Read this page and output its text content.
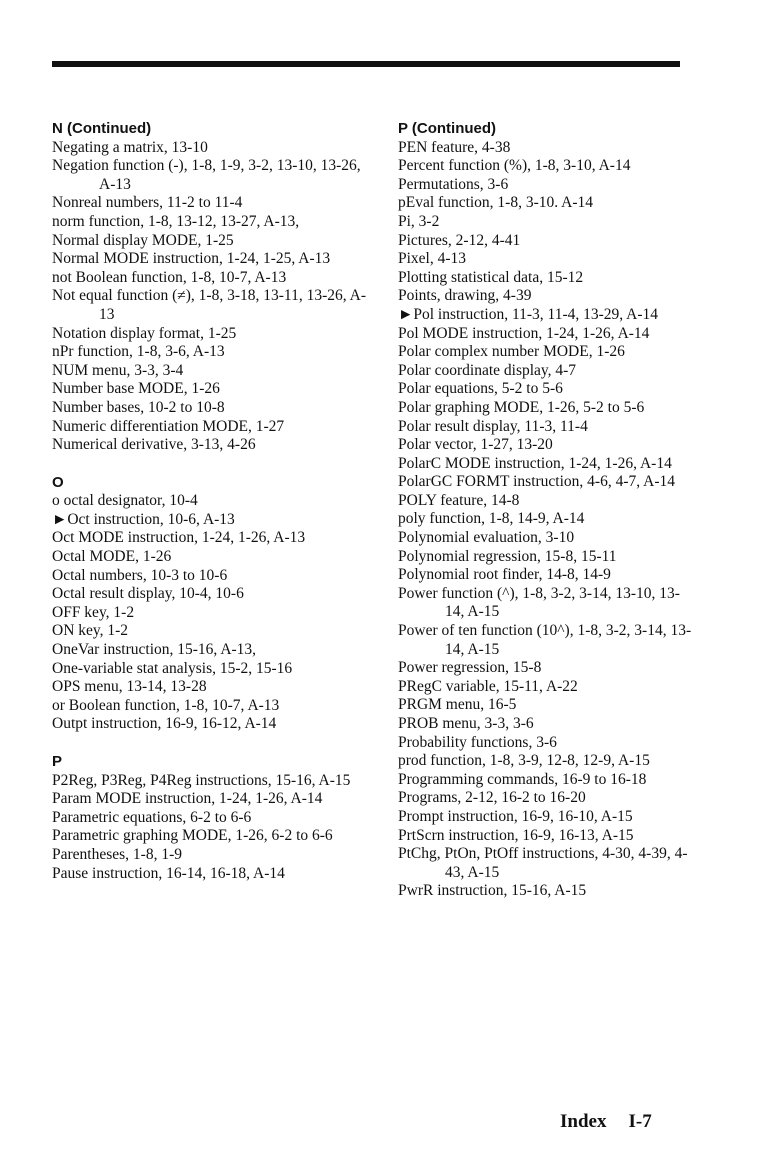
N (Continued)
Negating a matrix, 13-10
Negation function (-), 1-8, 1-9, 3-2, 13-10, 13-26, A-13
Nonreal numbers, 11-2 to 11-4
norm function, 1-8, 13-12, 13-27, A-13,
Normal display MODE, 1-25
Normal MODE instruction, 1-24, 1-25, A-13
not Boolean function, 1-8, 10-7, A-13
Not equal function (≠), 1-8, 3-18, 13-11, 13-26, A-13
Notation display format, 1-25
nPr function, 1-8, 3-6, A-13
NUM menu, 3-3, 3-4
Number base MODE, 1-26
Number bases, 10-2 to 10-8
Numeric differentiation MODE, 1-27
Numerical derivative, 3-13, 4-26
O
o octal designator, 10-4
►Oct instruction, 10-6, A-13
Oct MODE instruction, 1-24, 1-26, A-13
Octal MODE, 1-26
Octal numbers, 10-3 to 10-6
Octal result display, 10-4, 10-6
OFF key, 1-2
ON key, 1-2
OneVar instruction, 15-16, A-13,
One-variable stat analysis, 15-2, 15-16
OPS menu, 13-14, 13-28
or Boolean function, 1-8, 10-7, A-13
Outpt instruction, 16-9, 16-12, A-14
P
P2Reg, P3Reg, P4Reg instructions, 15-16, A-15
Param MODE instruction, 1-24, 1-26, A-14
Parametric equations, 6-2 to 6-6
Parametric graphing MODE, 1-26, 6-2 to 6-6
Parentheses, 1-8, 1-9
Pause instruction, 16-14, 16-18, A-14
P (Continued)
PEN feature, 4-38
Percent function (%), 1-8, 3-10, A-14
Permutations, 3-6
pEval function, 1-8, 3-10. A-14
Pi, 3-2
Pictures, 2-12, 4-41
Pixel, 4-13
Plotting statistical data, 15-12
Points, drawing, 4-39
►Pol instruction, 11-3, 11-4, 13-29, A-14
Pol MODE instruction, 1-24, 1-26, A-14
Polar complex number MODE, 1-26
Polar coordinate display, 4-7
Polar equations, 5-2 to 5-6
Polar graphing MODE, 1-26, 5-2 to 5-6
Polar result display, 11-3, 11-4
Polar vector, 1-27, 13-20
PolarC MODE instruction, 1-24, 1-26, A-14
PolarGC FORMT instruction, 4-6, 4-7, A-14
POLY feature, 14-8
poly function, 1-8, 14-9, A-14
Polynomial evaluation, 3-10
Polynomial regression, 15-8, 15-11
Polynomial root finder, 14-8, 14-9
Power function (^), 1-8, 3-2, 3-14, 13-10, 13-14, A-15
Power of ten function (10^), 1-8, 3-2, 3-14, 13-14, A-15
Power regression, 15-8
PRegC variable, 15-11, A-22
PRGM menu, 16-5
PROB menu, 3-3, 3-6
Probability functions, 3-6
prod function, 1-8, 3-9, 12-8, 12-9, A-15
Programming commands, 16-9 to 16-18
Programs, 2-12, 16-2 to 16-20
Prompt instruction, 16-9, 16-10, A-15
PrtScrn instruction, 16-9, 16-13, A-15
PtChg, PtOn, PtOff instructions, 4-30, 4-39, 4-43, A-15
PwrR instruction, 15-16, A-15
Index I-7
